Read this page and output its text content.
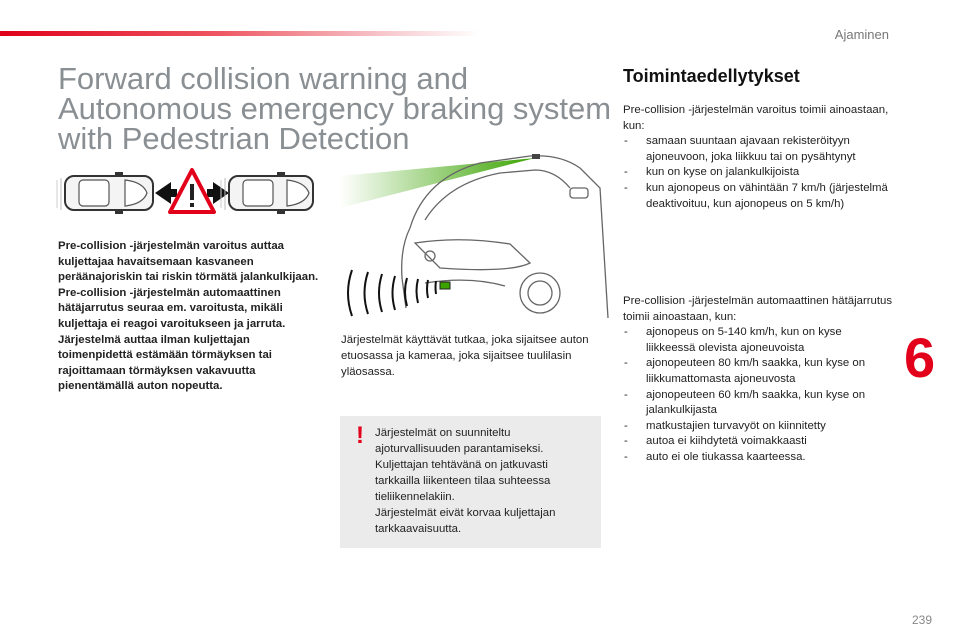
Ajaminen
Forward collision warning and
Autonomous emergency braking system
with Pedestrian Detection

Pre-collision -järjestelmän varoitus auttaa kuljettajaa havaitsemaan kasvaneen peräänajoriskin tai riskin törmätä jalankulkijaan.

Pre-collision -järjestelmän automaattinen hätäjarrutus seuraa em. varoitusta, mikäli kuljettaja ei reagoi varoitukseen ja jarruta.

Järjestelmä auttaa ilman kuljettajan toimenpidettä estämään törmäyksen tai rajoittamaan törmäyksen vakavuutta pienentämällä auton nopeutta.

Järjestelmät käyttävät tutkaa, joka sijaitsee auton etuosassa ja kameraa, joka sijaitsee tuulilasin yläosassa.

! Järjestelmät on suunniteltu ajoturvallisuuden parantamiseksi. Kuljettajan tehtävänä on jatkuvasti tarkkailla liikenteen tilaa suhteessa tieliikennelakiin.

Järjestelmät eivät korvaa kuljettajan tarkkaavaisuutta.

Toimintaedellytykset

Pre-collision -järjestelmän varoitus toimii ainoastaan, kun:

- samaan suuntaan ajavaan rekisteröityyn ajoneuvoon, joka liikkuu tai on pysähtynyt
- kun on kyse on jalankulkijoista
- kun ajonopeus on vähintään 7 km/h (järjestelmä deaktivoituu, kun ajonopeus on 5 km/h)

Pre-collision -järjestelmän automaattinen hätäjarrutus toimii ainoastaan, kun:

- ajonopeus on 5-140 km/h, kun on kyse liikkeessä olevista ajoneuvoista
- ajonopeuteen 80 km/h saakka, kun kyse on liikkumattomasta ajoneuvosta
- ajonopeuteen 60 km/h saakka, kun kyse on jalankulkijasta
- matkustajien turvavyöt on kiinnitetty
- autoa ei kiihdytetä voimakkaasti
- auto ei ole tiukassa kaarteessa.
6
239
